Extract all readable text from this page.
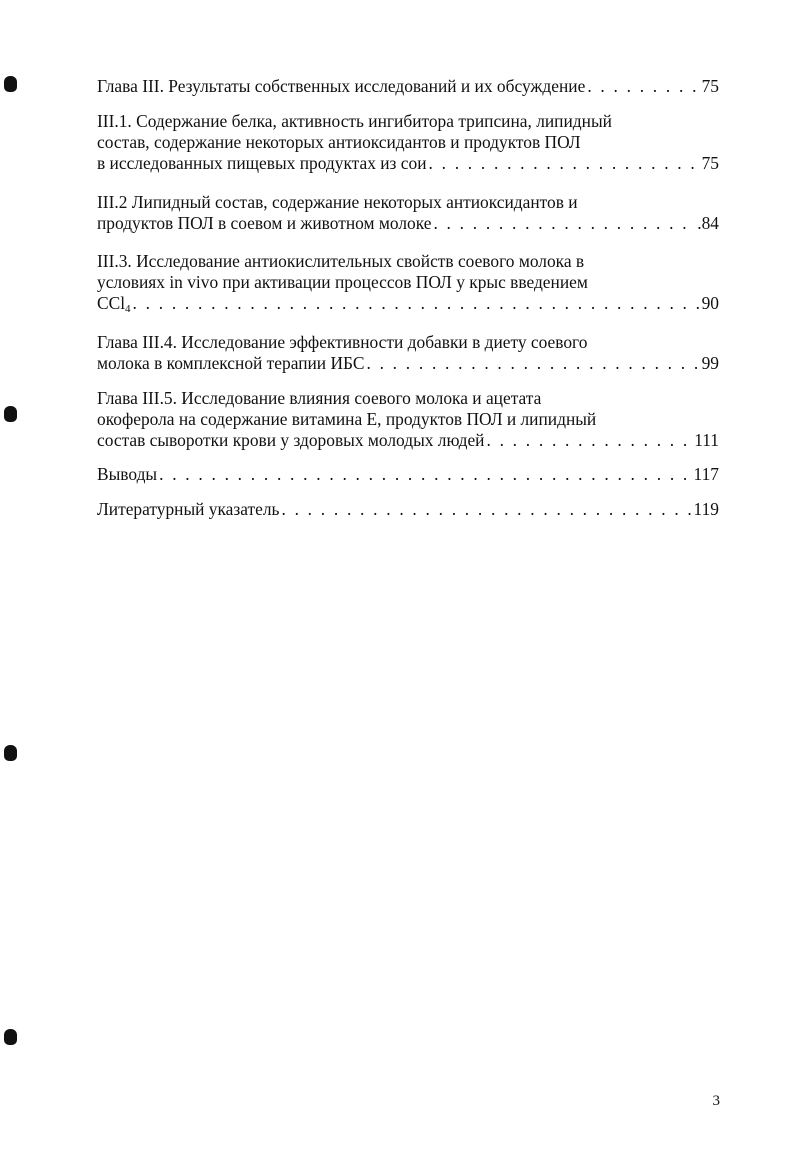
Глава III. Результаты собственных исследований и их обсуждение . . .	75
III.1. Содержание белка, активность ингибитора трипсина, липидный
состав, содержание некоторых антиоксидантов и продуктов ПОЛ
в исследованных пищевых продуктах из сои . . .	75
III.2 Липидный состав, содержание некоторых антиоксидантов и
продуктов ПОЛ в соевом и животном молоке . . .	.84
III.3. Исследование антиокислительных свойств соевого молока в
условиях in vivo при активации процессов ПОЛ у крыс введением
CCl$_4$ . . .	90
Глава III.4. Исследование эффективности добавки в диету соевого
молока в комплексной терапии ИБС . . .	99
Глава III.5. Исследование влияния соевого молока и ацетата
окоферола на содержание витамина Е, продуктов ПОЛ и липидный
состав сыворотки крови у здоровых молодых людей . . .	111
Выводы . . .	117
Литературный указатель . . .	119
3
